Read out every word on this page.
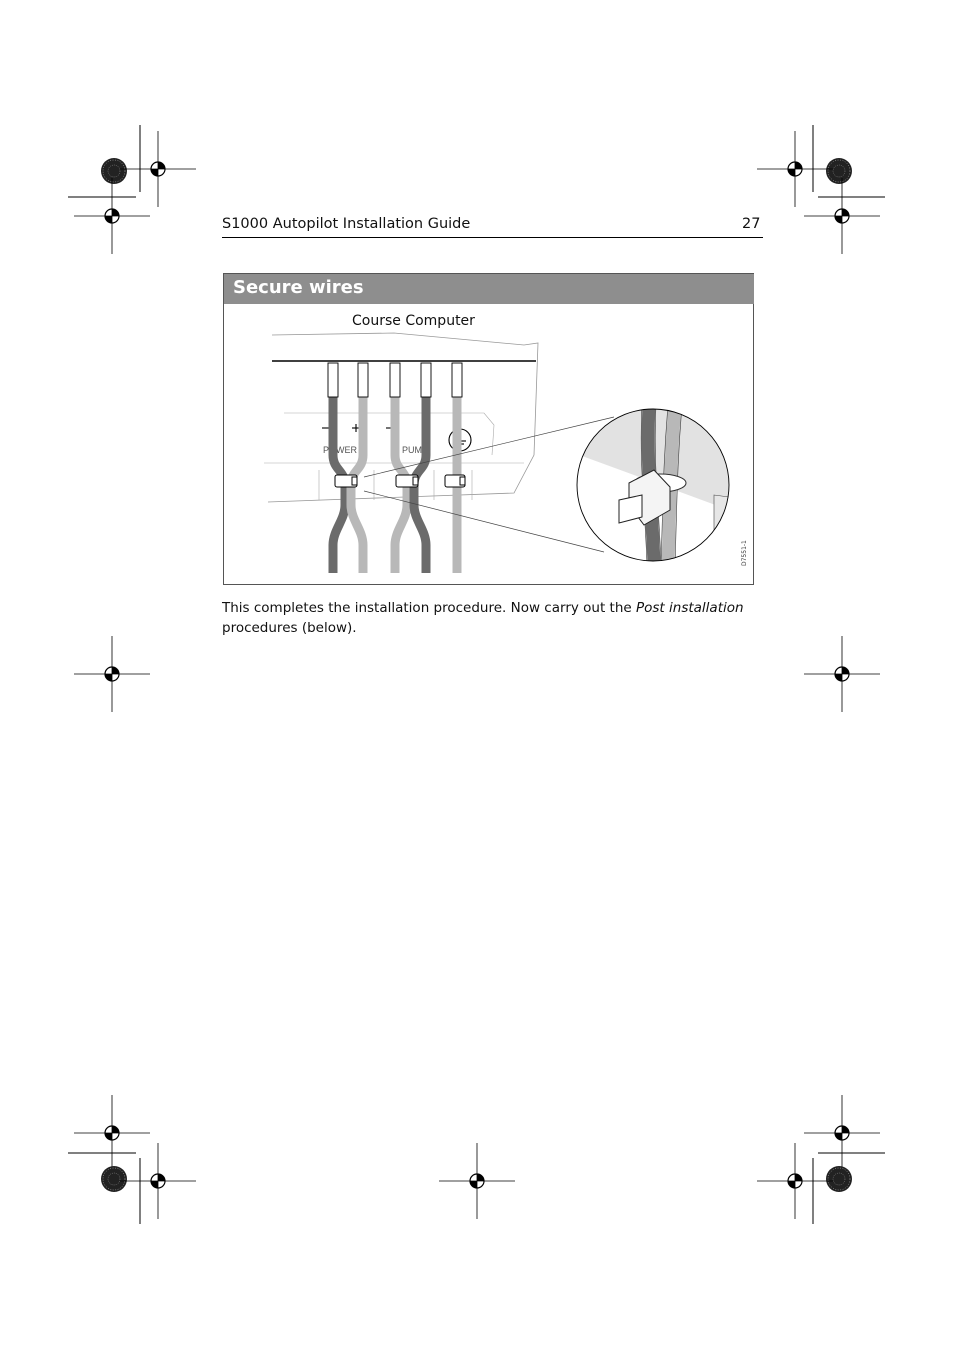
S1000 Autopilot Installation Guide	27
Secure wires
POWER	PUMP
Course Computer
D7551-1

This completes the installation procedure. Now carry out the Post installation procedures (below).
